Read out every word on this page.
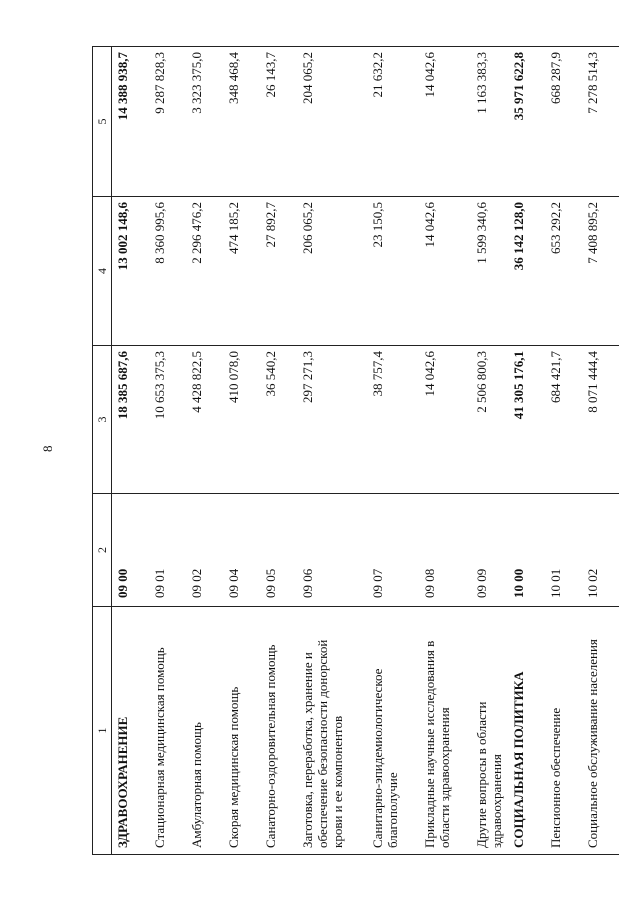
8
1	2	3	4	5
ЗДРАВООХРАНЕНИЕ	09 00	18 385 687,6	13 002 148,6	14 388 938,7
Стационарная медицинская помощь	09 01	10 653 375,3	8 360 995,6	9 287 828,3
Амбулаторная помощь	09 02	4 428 822,5	2 296 476,2	3 323 375,0
Скорая медицинская помощь	09 04	410 078,0	474 185,2	348 468,4
Санаторно-оздоровительная помощь	09 05	36 540,2	27 892,7	26 143,7
Заготовка, переработка, хранение и обеспечение безопасности донорской крови и ее компонентов	09 06	297 271,3	206 065,2	204 065,2
Санитарно-эпидемиологическое благополучие	09 07	38 757,4	23 150,5	21 632,2
Прикладные научные исследования в области здравоохранения	09 08	14 042,6	14 042,6	14 042,6
Другие вопросы в области здравоохранения	09 09	2 506 800,3	1 599 340,6	1 163 383,3
СОЦИАЛЬНАЯ ПОЛИТИКА	10 00	41 305 176,1	36 142 128,0	35 971 622,8
Пенсионное обеспечение	10 01	684 421,7	653 292,2	668 287,9
Социальное обслуживание населения	10 02	8 071 444,4	7 408 895,2	7 278 514,3
